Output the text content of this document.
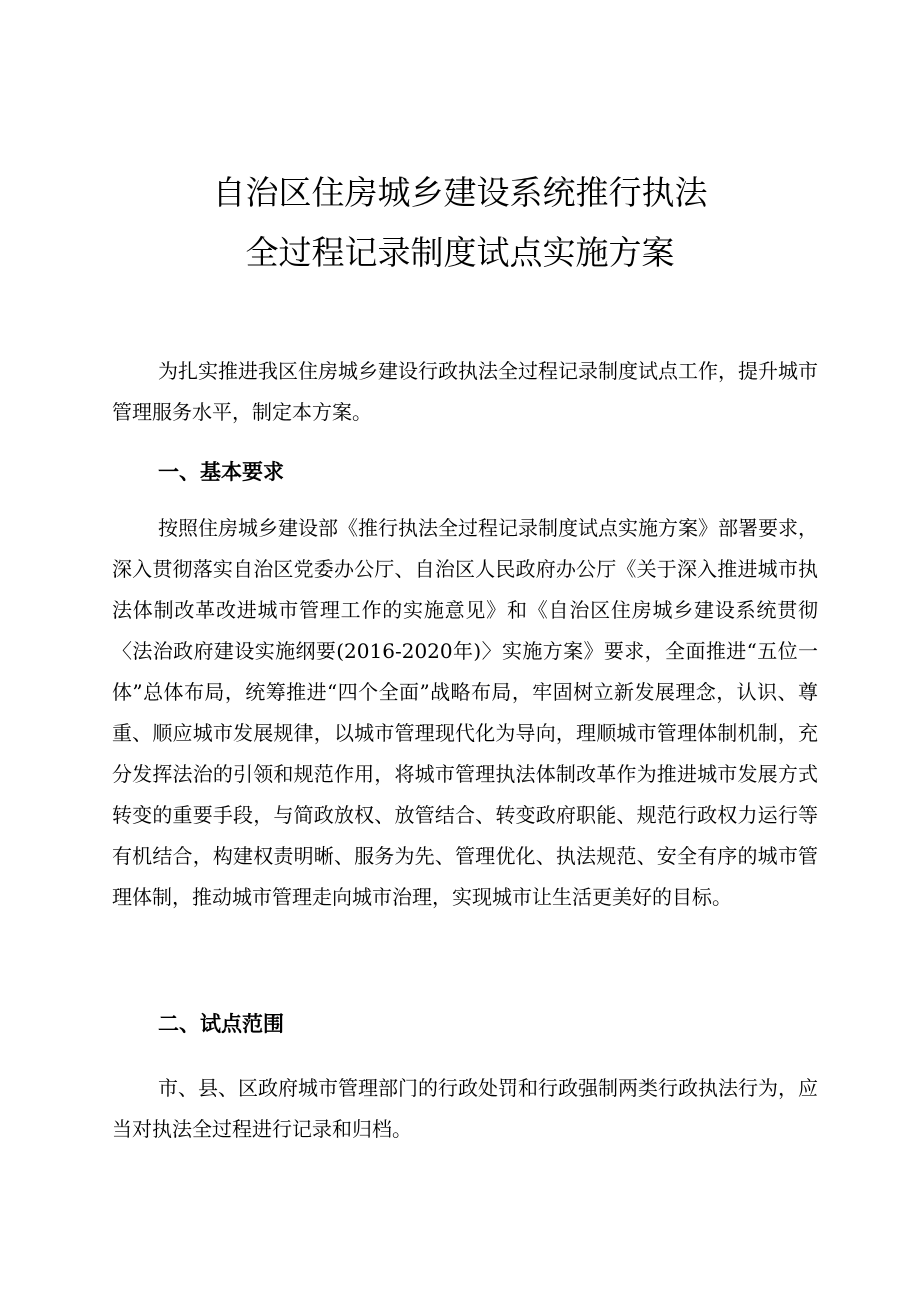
自治区住房城乡建设系统推行执法
全过程记录制度试点实施方案

为扎实推进我区住房城乡建设行政执法全过程记录制度试点工作，提升城市管理服务水平，制定本方案。

一、基本要求

按照住房城乡建设部《推行执法全过程记录制度试点实施方案》部署要求，深入贯彻落实自治区党委办公厅、自治区人民政府办公厅《关于深入推进城市执法体制改革改进城市管理工作的实施意见》和《自治区住房城乡建设系统贯彻〈法治政府建设实施纲要(2016-2020年)〉实施方案》要求，全面推进“五位一体”总体布局，统筹推进“四个全面”战略布局，牢固树立新发展理念，认识、尊重、顺应城市发展规律，以城市管理现代化为导向，理顺城市管理体制机制，充分发挥法治的引领和规范作用，将城市管理执法体制改革作为推进城市发展方式转变的重要手段，与简政放权、放管结合、转变政府职能、规范行政权力运行等有机结合，构建权责明晰、服务为先、管理优化、执法规范、安全有序的城市管理体制，推动城市管理走向城市治理，实现城市让生活更美好的目标。

二、试点范围

市、县、区政府城市管理部门的行政处罚和行政强制两类行政执法行为，应当对执法全过程进行记录和归档。
